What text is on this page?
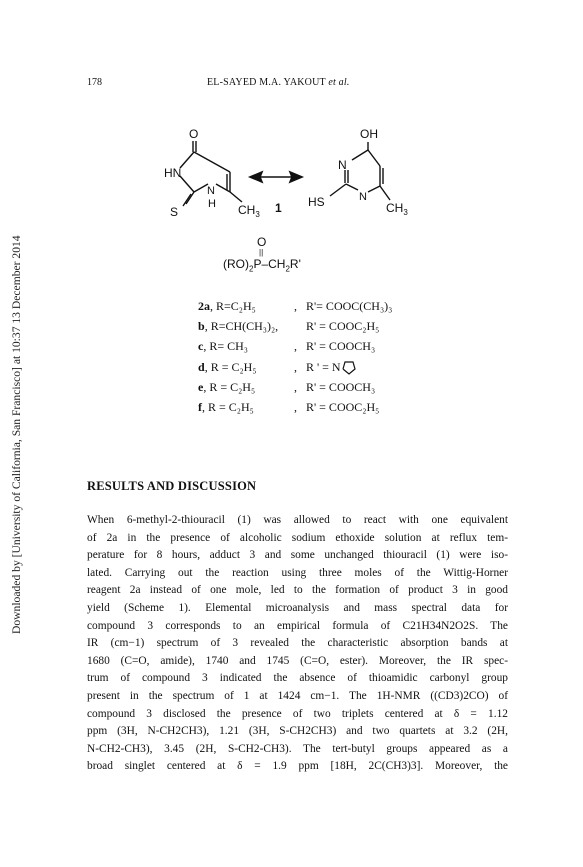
Downloaded by [University of California, San Francisco] at 10:37 13 December 2014
178	EL-SAYED M.A. YAKOUT et al.
O
HN
S
N
H $CH_3$ 1
OH
N
HS	N
$CH_3$
O
||
$(RO)_2P-CH_2R'$
2a, R=C₂H₅	, R'= COOC(CH₃)₃
b, R=CH(CH₃)₂, R' = COOC₂H₅
c, R= CH₃	, R' = COOCH₃
d, R = C₂H₅	, R ' = N
e, R = C₂H₅	, R' = COOCH₃
f, R = C₂H₅	, R' = COOC₂H₅
RESULTS AND DISCUSSION
When 6-methyl-2-thiouracil (1) was allowed to react with one equivalent
of 2a in the presence of alcoholic sodium ethoxide solution at reflux tem-
perature for 8 hours, adduct 3 and some unchanged thiouracil (1) were iso-
lated. Carrying out the reaction using three moles of the Wittig-Horner
reagent 2a instead of one mole, led to the formation of product 3 in good
yield (Scheme 1). Elemental microanalysis and mass spectral data for
compound 3 corresponds to an empirical formula of C21H34N2O2S. The
IR (cm−1) spectrum of 3 revealed the characteristic absorption bands at
1680 (C=O, amide), 1740 and 1745 (C=O, ester). Moreover, the IR spec-
trum of compound 3 indicated the absence of thioamidic carbonyl group
present in the spectrum of 1 at 1424 cm−1. The 1H-NMR ((CD3)2CO) of
compound 3 disclosed the presence of two triplets centered at δ = 1.12
ppm (3H, N-CH2CH3), 1.21 (3H, S-CH2CH3) and two quartets at 3.2 (2H,
N-CH2-CH3), 3.45 (2H, S-CH2-CH3). The tert-butyl groups appeared as a
broad singlet centered at δ = 1.9 ppm [18H, 2C(CH3)3]. Moreover, the
